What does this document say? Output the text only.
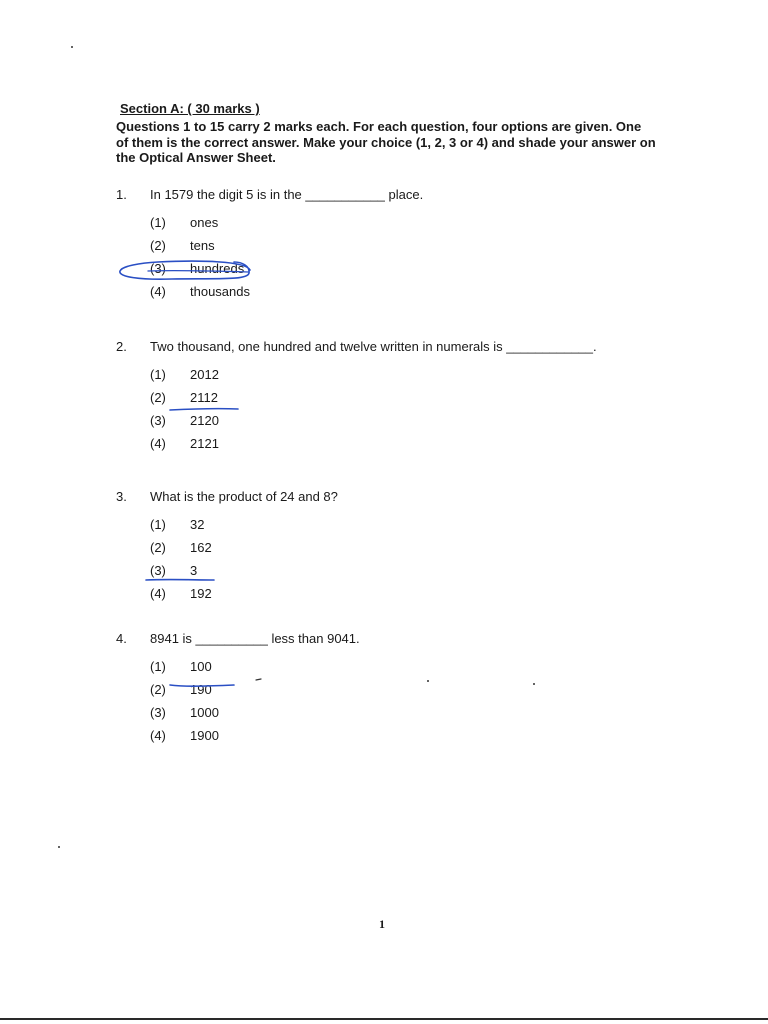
Section A: ( 30 marks )
Questions 1 to 15 carry 2 marks each. For each question, four options are given. One of them is the correct answer. Make your choice (1, 2, 3 or 4) and shade your answer on the Optical Answer Sheet.
1. In 1579 the digit 5 is in the ___________ place.
(1) ones
(2) tens
(3) hundreds
(4) thousands
2. Two thousand, one hundred and twelve written in numerals is ____________.
(1) 2012
(2) 2112
(3) 2120
(4) 2121
3. What is the product of 24 and 8?
(1) 32
(2) 162
(3) 3
(4) 192
4. 8941 is __________ less than 9041.
(1) 100
(2) 190
(3) 1000
(4) 1900
1
